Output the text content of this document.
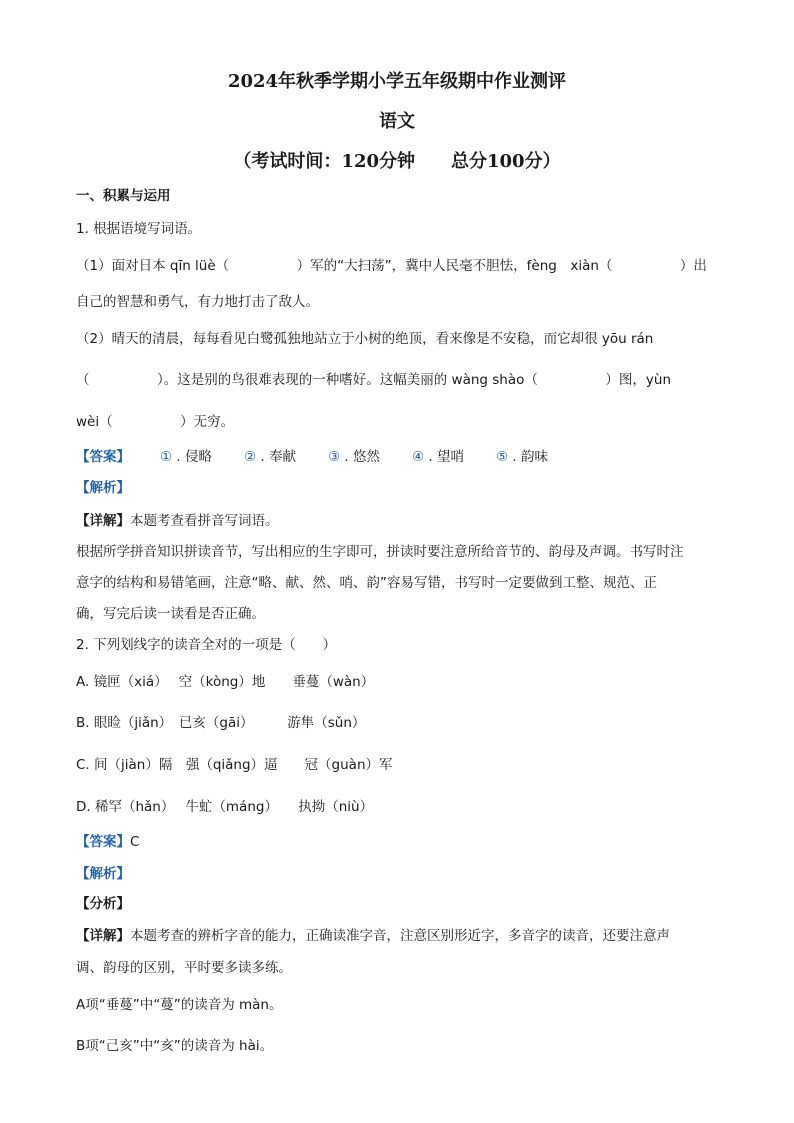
2024年秋季学期小学五年级期中作业测评
语文
（考试时间：120分钟　　总分100分）
一、积累与运用
1. 根据语境写词语。
（1）面对日本 qīn lüè（　　　　　）军的“大扫荡”，冀中人民毫不胆怯，fèng　xiàn（　　　　　）出
自己的智慧和勇气，有力地打击了敌人。
（2）晴天的清晨，每每看见白鹭孤独地站立于小树的绝顶，看来像是不安稳，而它却很 yōu rán
（　　　　　）。这是别的鸟很难表现的一种嗜好。这幅美丽的 wàng shào（　　　　　）图，yùn
wèi（　　　　　）无穷。
【答案】 ① . 侵略 ② . 奉献 ③ . 悠然 ④ . 望哨 ⑤ . 韵味
【解析】
【详解】本题考查看拼音写词语。
根据所学拼音知识拼读音节，写出相应的生字即可，拼读时要注意所给音节的、韵母及声调。书写时注
意字的结构和易错笔画，注意“略、献、然、哨、韵”容易写错，书写时一定要做到工整、规范、正
确，写完后读一读看是否正确。
2. 下列划线字的读音全对的一项是（　　）
A. 镜匣（xiá）　 空（kòng）地　　垂蔓（wàn）
B. 眼睑（jiǎn）　已亥（gāi）　　　游隼（sǔn）
C. 间（jiàn）隔　强（qiǎng）逼　　冠（guàn）军
D. 稀罕（hǎn）　 牛虻（máng）　　执拗（niù）
【答案】C
【解析】
【分析】
【详解】本题考查的辨析字音的能力，正确读准字音，注意区别形近字，多音字的读音，还要注意声
调、韵母的区别，平时要多读多练。
A项“垂蔓”中“蔓”的读音为 màn。
B项“己亥”中“亥”的读音为 hài。
